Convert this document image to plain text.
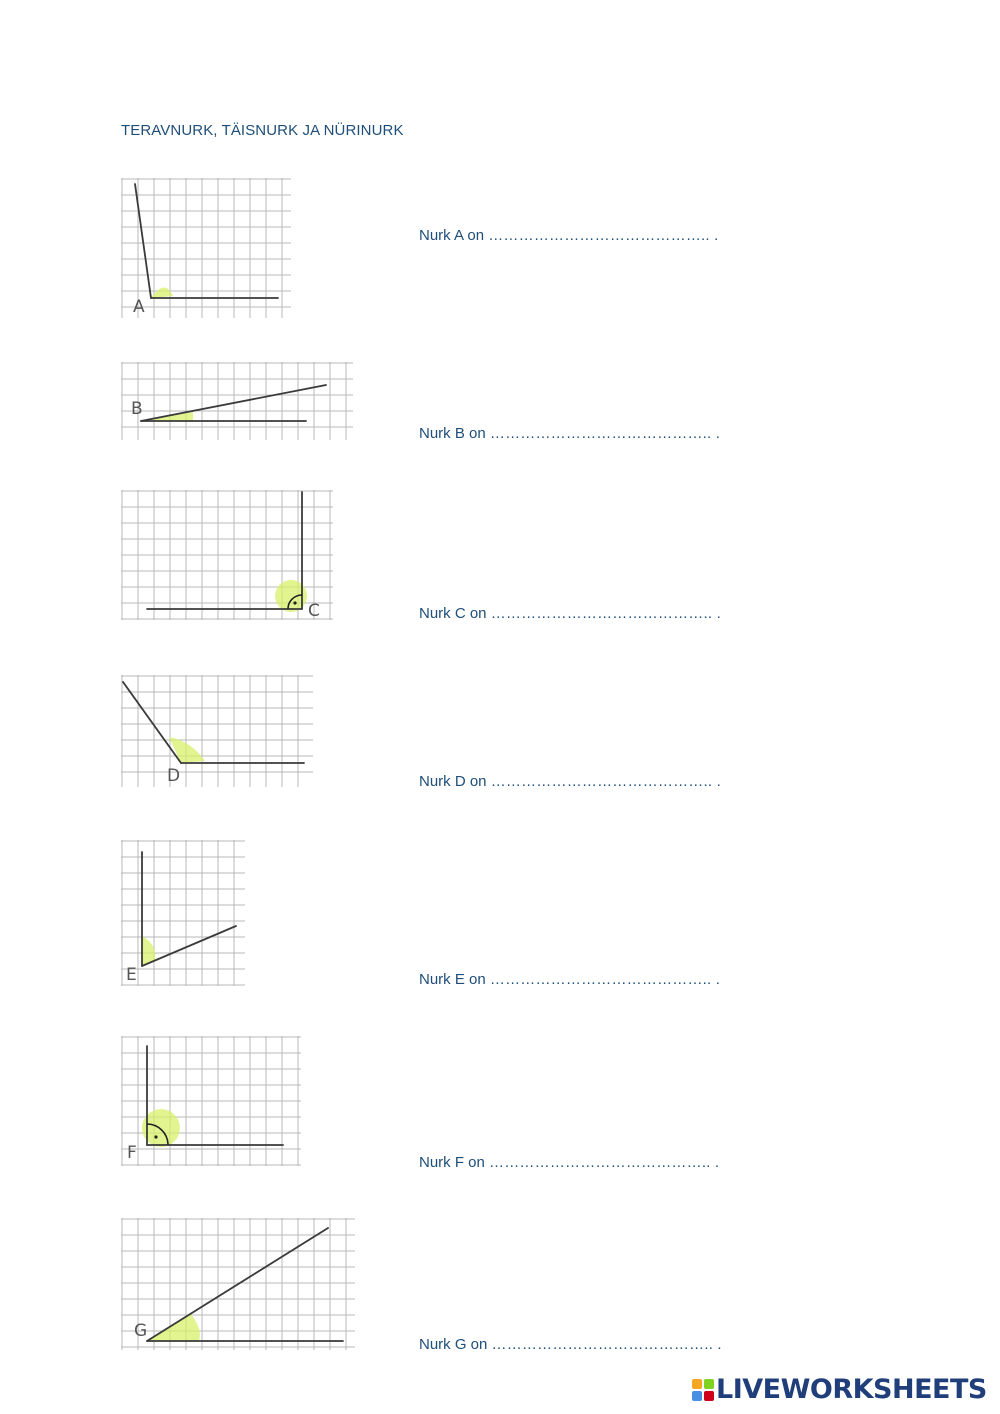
TERAVNURK, TÄISNURK JA NÜRINURK
A
Nurk A on …………………………………….. .
B
Nurk B on …………………………………….. .
C	Nurk C on …………………………………….. .
D	Nurk D on …………………………………….. .
E	Nurk E on …………………………………….. .
F	Nurk F on …………………………………….. .
G
Nurk G on …………………………………….. .
LIVEWORKSHEETS
